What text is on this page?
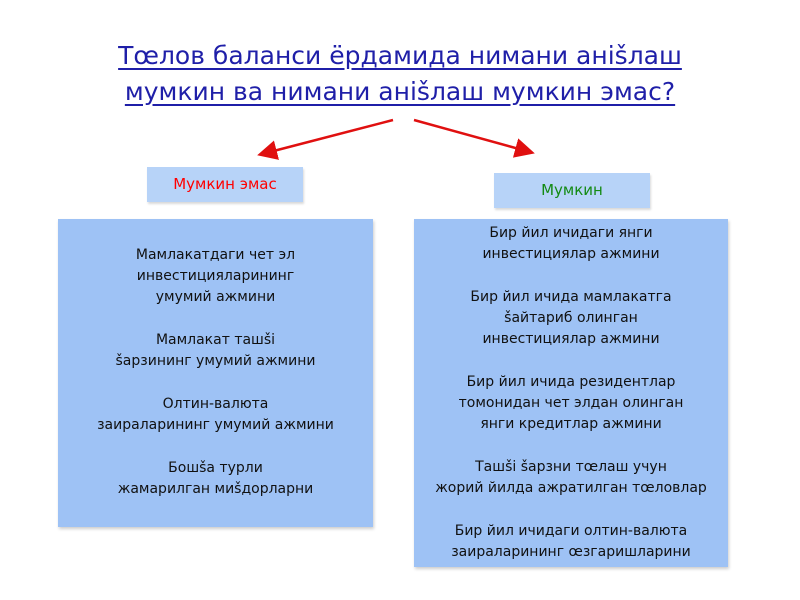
Тœлов баланси ёрдамида нимани анišлаш
мумкин ва нимани анišлаш мумкин эмас?
Мумкин эмас	Мумкин
Мамлакатдаги чет эл
инвестицияларининг
умумий ажмини
Мамлакат ташši
šарзининг умумий ажмини
Олтин-валюта
заираларининг умумий ажмини
Бошšа турли
жамарилган миšдорларни
Бир йил ичидаги янги
инвестициялар ажмини
Бир йил ичида мамлакатга
šайтариб олинган
инвестициялар ажмини
Бир йил ичида резидентлар
томонидан чет элдан олинган
янги кредитлар ажмини
Ташši šарзни тœлаш учун
жорий йилда ажратилган тœловлар
Бир йил ичидаги олтин-валюта
заираларининг œзгаришларини
